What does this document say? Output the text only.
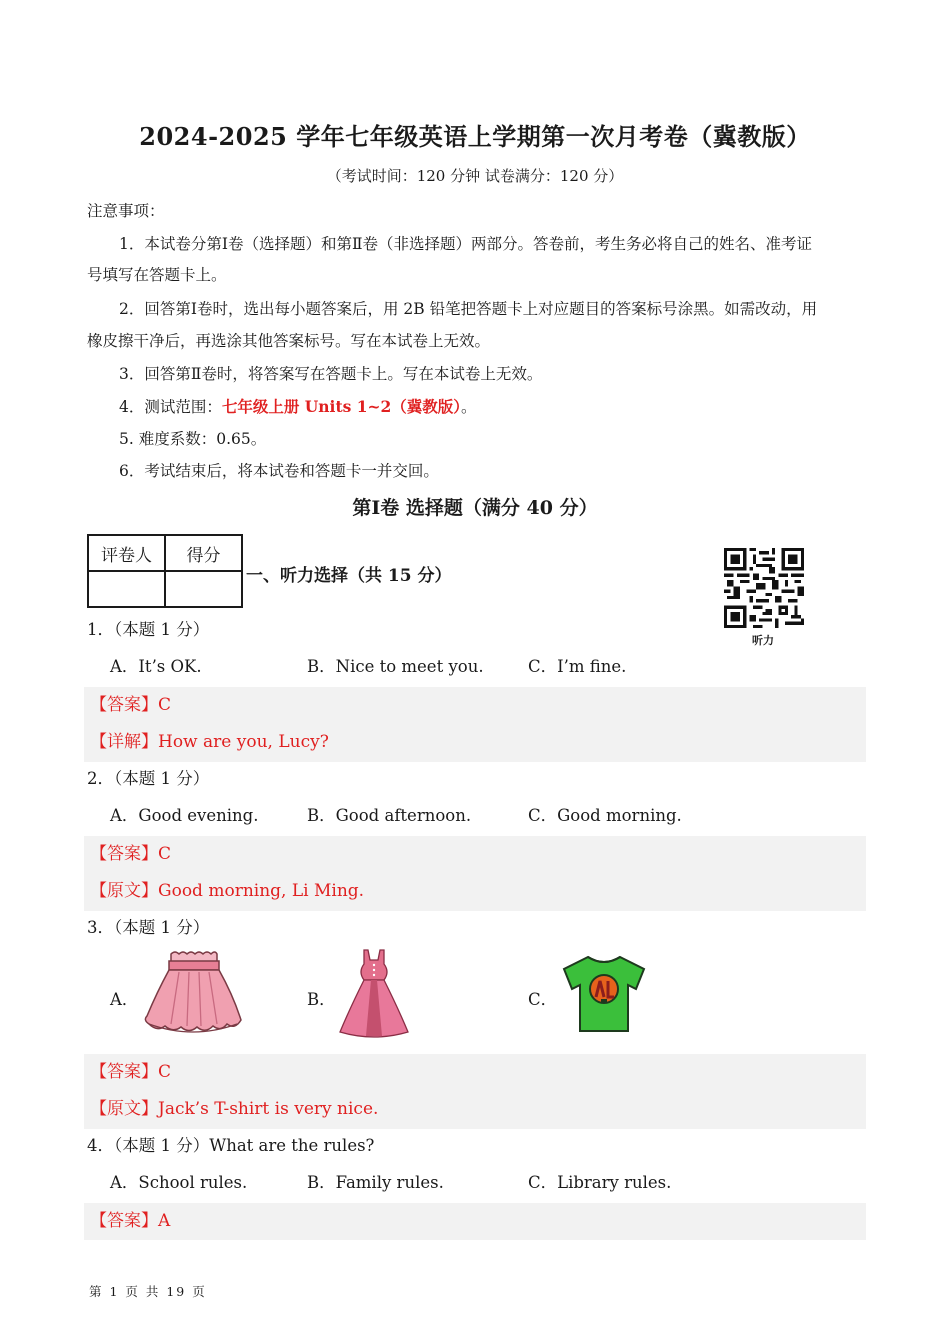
2024-2025 学年七年级英语上学期第一次月考卷（冀教版）
（考试时间：120 分钟 试卷满分：120 分）
注意事项：
1．本试卷分第Ⅰ卷（选择题）和第Ⅱ卷（非选择题）两部分。答卷前，考生务必将自己的姓名、准考证
号填写在答题卡上。
2．回答第Ⅰ卷时，选出每小题答案后，用 2B 铅笔把答题卡上对应题目的答案标号涂黑。如需改动，用
橡皮擦干净后，再选涂其他答案标号。写在本试卷上无效。
3．回答第Ⅱ卷时，将答案写在答题卡上。写在本试卷上无效。
4．测试范围：七年级上册 Units 1~2（冀教版）。
5. 难度系数：0.65。
6．考试结束后，将本试卷和答题卡一并交回。
第Ⅰ卷 选择题（满分 40 分）
评卷人	得分

一、听力选择（共 15 分）
听力
1．（本题 1 分）
A．It’s OK.	B．Nice to meet you.	C．I’m fine.
【答案】C
【详解】How are you, Lucy?
2．（本题 1 分）
A．Good evening.	B．Good afternoon.	C．Good morning.
【答案】C
【原文】Good morning, Li Ming.
3．（本题 1 分）
A．	B．	C．
【答案】C
【原文】Jack’s T-shirt is very nice.
4．（本题 1 分）What are the rules?
A．School rules.	B．Family rules.	C．Library rules.
【答案】A
第 1 页 共 19 页
